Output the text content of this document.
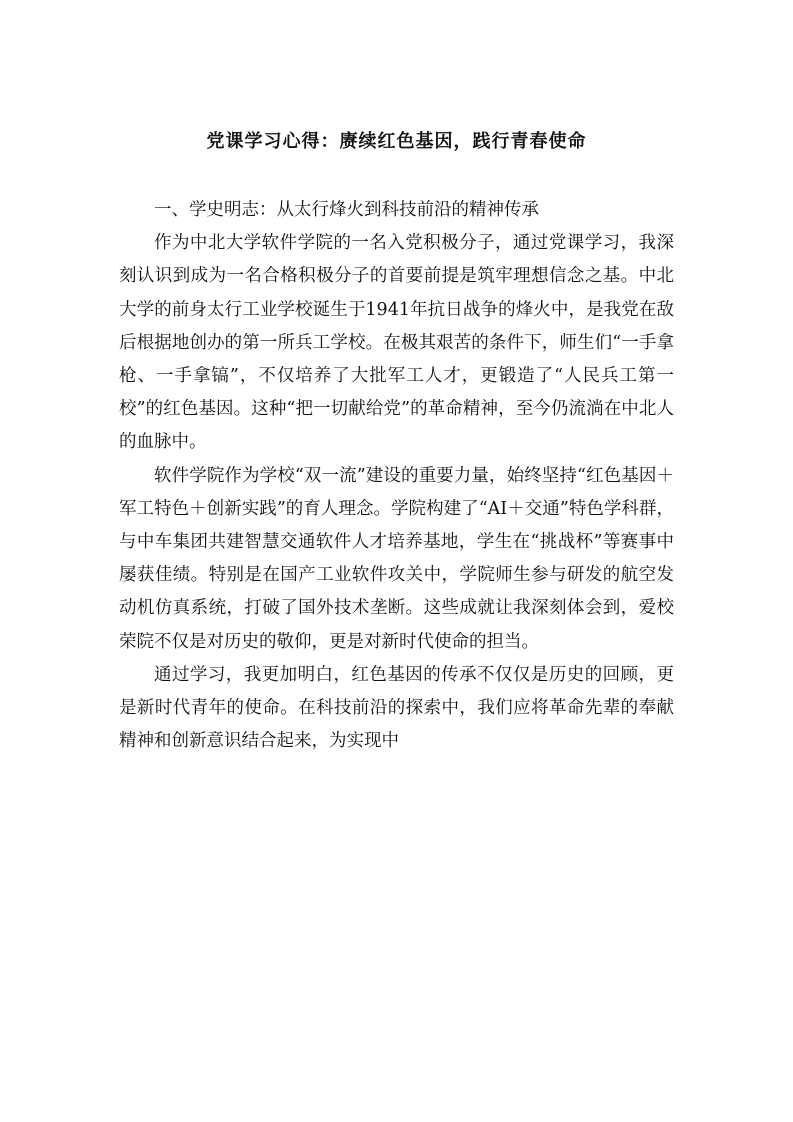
党课学习心得：赓续红色基因，践行青春使命

一、学史明志：从太行烽火到科技前沿的精神传承

作为中北大学软件学院的一名入党积极分子，通过党课学习，我深刻认识到成为一名合格积极分子的首要前提是筑牢理想信念之基。中北大学的前身太行工业学校诞生于1941年抗日战争的烽火中，是我党在敌后根据地创办的第一所兵工学校。在极其艰苦的条件下，师生们“一手拿枪、一手拿镐”，不仅培养了大批军工人才，更锻造了“人民兵工第一校”的红色基因。这种“把一切献给党”的革命精神，至今仍流淌在中北人的血脉中。

软件学院作为学校“双一流”建设的重要力量，始终坚持“红色基因＋军工特色＋创新实践”的育人理念。学院构建了“AI＋交通”特色学科群，与中车集团共建智慧交通软件人才培养基地，学生在“挑战杯”等赛事中屡获佳绩。特别是在国产工业软件攻关中，学院师生参与研发的航空发动机仿真系统，打破了国外技术垄断。这些成就让我深刻体会到，爱校荣院不仅是对历史的敬仰，更是对新时代使命的担当。

通过学习，我更加明白，红色基因的传承不仅仅是历史的回顾，更是新时代青年的使命。在科技前沿的探索中，我们应将革命先辈的奉献精神和创新意识结合起来，为实现中
